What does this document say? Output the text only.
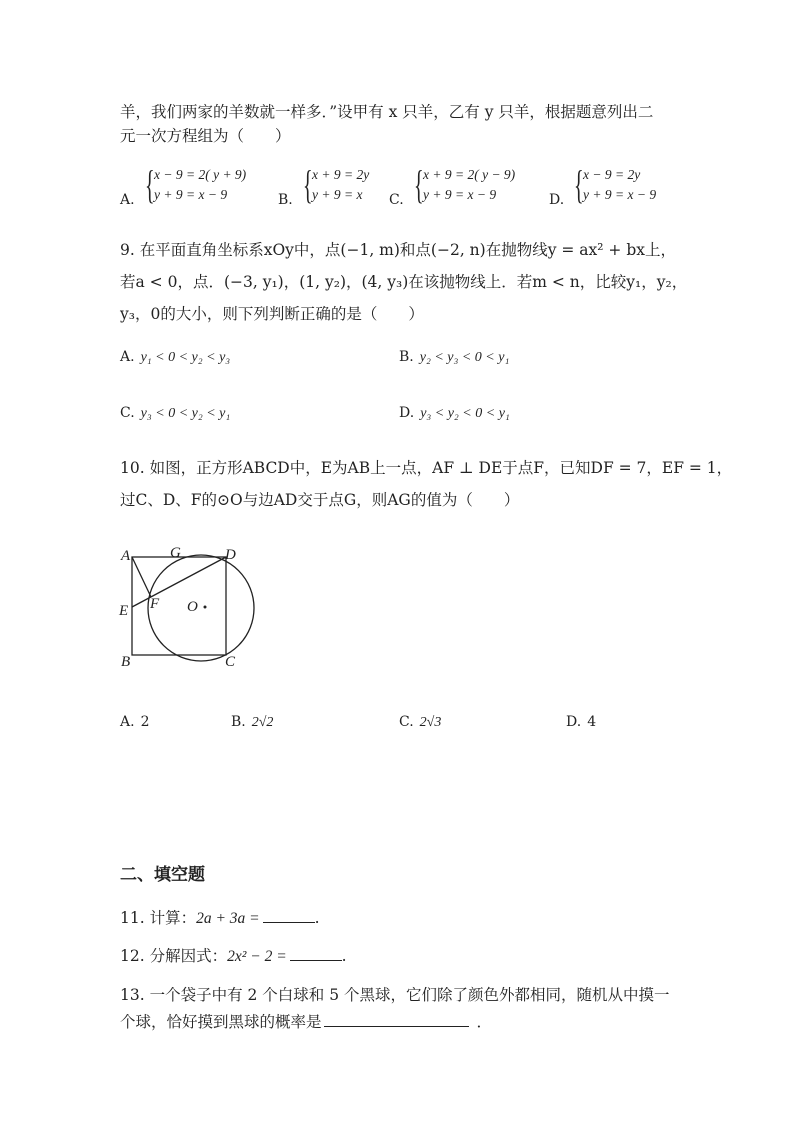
羊，我们两家的羊数就一样多．”设甲有 x 只羊，乙有 y 只羊，根据题意列出二
元一次方程组为（　　）
A. { x − 9 = 2( y + 9)
y + 9 = x − 9	B. { x + 9 = 2y
y + 9 = x	C. { x + 9 = 2( y − 9)
y + 9 = x − 9	D. { x − 9 = 2y
y + 9 = x − 9
9. 在平面直角坐标系xOy中，点(−1, m)和点(−2, n)在抛物线y = ax² + bx上，
若a < 0，点．(−3, y₁)，(1, y₂)，(4, y₃)在该抛物线上．若m < n，比较y₁，y₂，
y₃，0的大小，则下列判断正确的是（　　）
A. y₁ < 0 < y₂ < y₃	B. y₂ < y₃ < 0 < y₁
C. y₃ < 0 < y₂ < y₁	D. y₃ < y₂ < 0 < y₁
10. 如图，正方形ABCD中，E为AB上一点，AF ⊥ DE于点F，已知DF = 7，EF = 1，
过C、D、F的⊙O与边AD交于点G，则AG的值为（　　）
A	G	D
E F O
B	C
A. 2	B. 2√2	C. 2√3	D. 4
二、填空题
11. 计算：2a + 3a =	.
12. 分解因式：2x² − 2 =	.
13. 一个袋子中有 2 个白球和 5 个黑球，它们除了颜色外都相同，随机从中摸一
个球，恰好摸到黑球的概率是	．
